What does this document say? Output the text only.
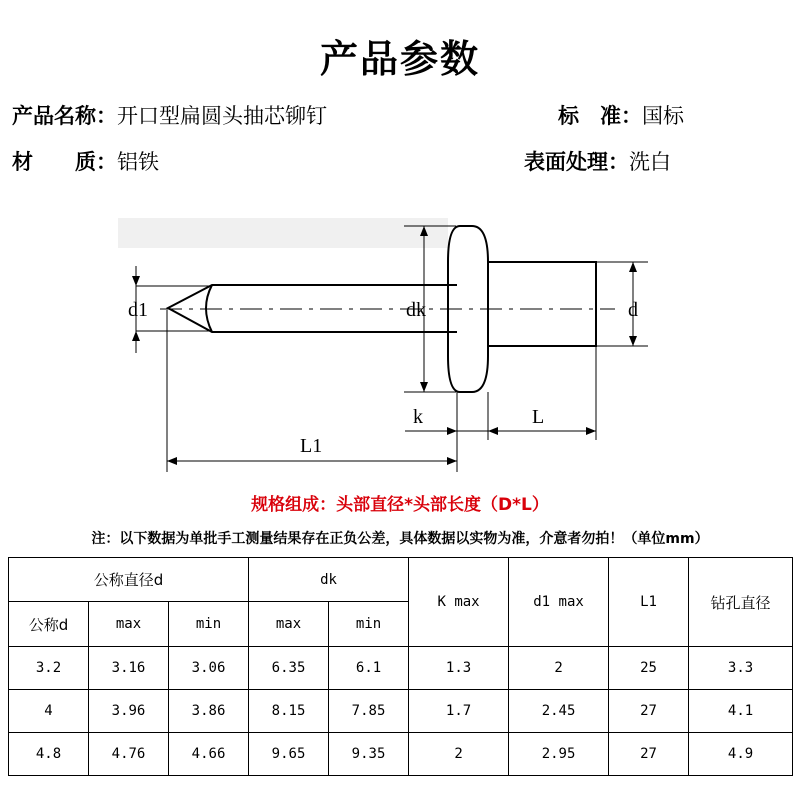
产品参数
产品名称：开口型扁圆头抽芯铆钉	标　准：国标
材　　质：铝铁	表面处理：洗白
d1	dk	d
k	L
L1
规格组成：头部直径*头部长度（D*L）
注：以下数据为单批手工测量结果存在正负公差，具体数据以实物为准，介意者勿拍！（单位mm）
公称直径d			dk		K max	d1 max	L1	钻孔直径
公称d	max	min	max	min				
3.2	3.16	3.06	6.35	6.1	1.3	2	25	3.3
4	3.96	3.86	8.15	7.85	1.7	2.45	27	4.1
4.8	4.76	4.66	9.65	9.35	2	2.95	27	4.9
